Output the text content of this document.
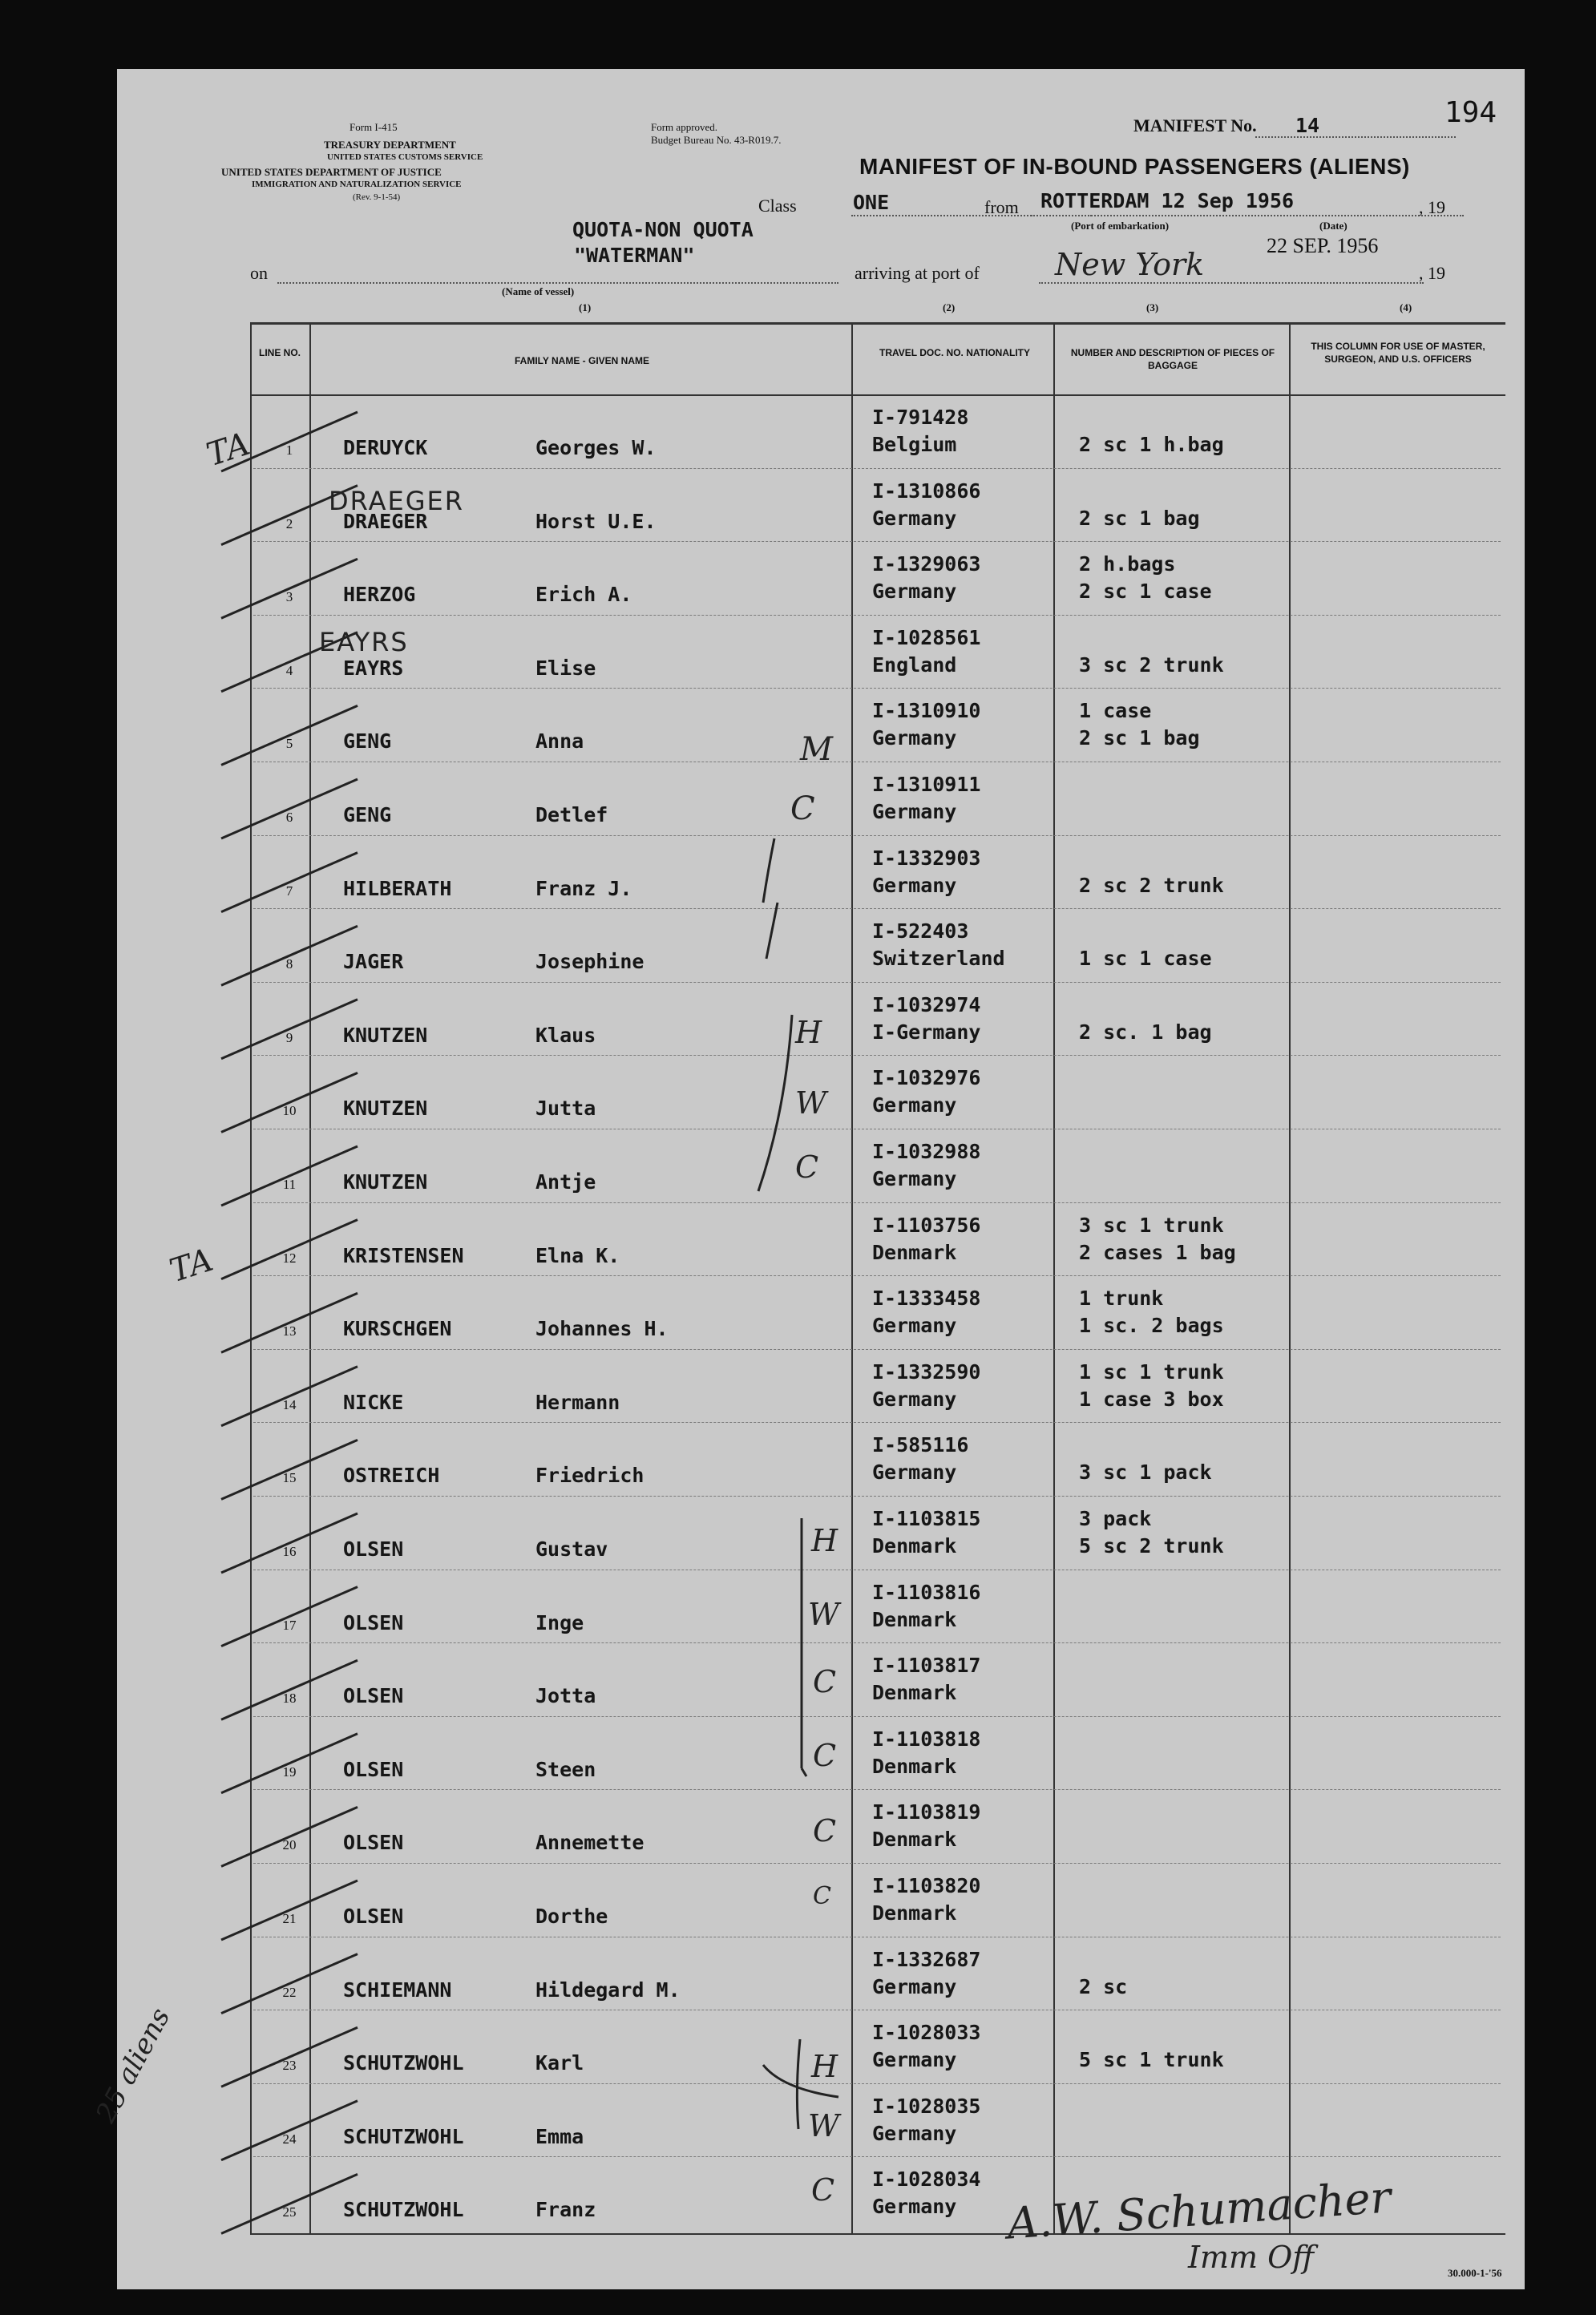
Form I-415
TREASURY DEPARTMENT
UNITED STATES CUSTOMS SERVICE
UNITED STATES DEPARTMENT OF JUSTICE
IMMIGRATION AND NATURALIZATION SERVICE
(Rev. 9-1-54)
Form approved.
Budget Bureau No. 43-R019.7.
MANIFEST No. 14	194
MANIFEST OF IN-BOUND PASSENGERS (ALIENS)
Class	ONE	from ROTTERDAM 12 Sep 1956	, 19
(Port of embarkation)	(Date)
QUOTA-NON QUOTA
"WATERMAN"
on
(Name of vessel)
arriving at port of New York
22 SEP. 1956
, 19
(1)	(2)	(3)	(4)
LINE NO.
FAMILY NAME - GIVEN NAME
TRAVEL DOC. NO. NATIONALITY	NUMBER AND DESCRIPTION OF PIECES OF BAGGAGE
THIS COLUMN FOR USE OF MASTER, SURGEON, AND U.S. OFFICERS
1	DERUYCK	Georges W.
I-791428
Belgium	2 sc 1 h.bag
2	DRAEGER	Horst U.E.
I-1310866
Germany	2 sc 1 bag
3	HERZOG	Erich A.
I-1329063
Germany
2 h.bags
2 sc 1 case
4	EAYRS	Elise
I-1028561
England	3 sc 2 trunk
5	GENG	Anna
I-1310910
Germany
1 case
2 sc 1 bag
6	GENG	Detlef
I-1310911
Germany
7	HILBERATH	Franz J.
I-1332903
Germany	2 sc 2 trunk
8	JAGER	Josephine
I-522403
Switzerland	1 sc 1 case
9	KNUTZEN	Klaus
I-1032974
I-Germany	2 sc. 1 bag
10	KNUTZEN	Jutta
I-1032976
Germany
11	KNUTZEN	Antje
I-1032988
Germany
12	KRISTENSEN	Elna K.
I-1103756
Denmark
3 sc 1 trunk
2 cases 1 bag
13	KURSCHGEN	Johannes H.
I-1333458
Germany
1 trunk
1 sc. 2 bags
14	NICKE	Hermann
I-1332590
Germany
1 sc 1 trunk
1 case 3 box
15	OSTREICH	Friedrich
I-585116
Germany	3 sc 1 pack
16	OLSEN	Gustav
I-1103815
Denmark
3 pack
5 sc 2 trunk
17	OLSEN	Inge
I-1103816
Denmark
18	OLSEN	Jotta
I-1103817
Denmark
19	OLSEN	Steen
I-1103818
Denmark
20	OLSEN	Annemette
I-1103819
Denmark
21	OLSEN	Dorthe
I-1103820
Denmark
22	SCHIEMANN	Hildegard M.
I-1332687
Germany	2 sc
23	SCHUTZWOHL	Karl
I-1028033
Germany	5 sc 1 trunk
24	SCHUTZWOHL	Emma
I-1028035
Germany
25	SCHUTZWOHL	Franz
I-1028034
Germany
TA
TA
DRAEGER
EAYRS
25 aliens
M
C
H
W
C
H
W
C
C
C
C
H
W
C	A.W. Schumacher
Imm Off	30.000-1-'56
